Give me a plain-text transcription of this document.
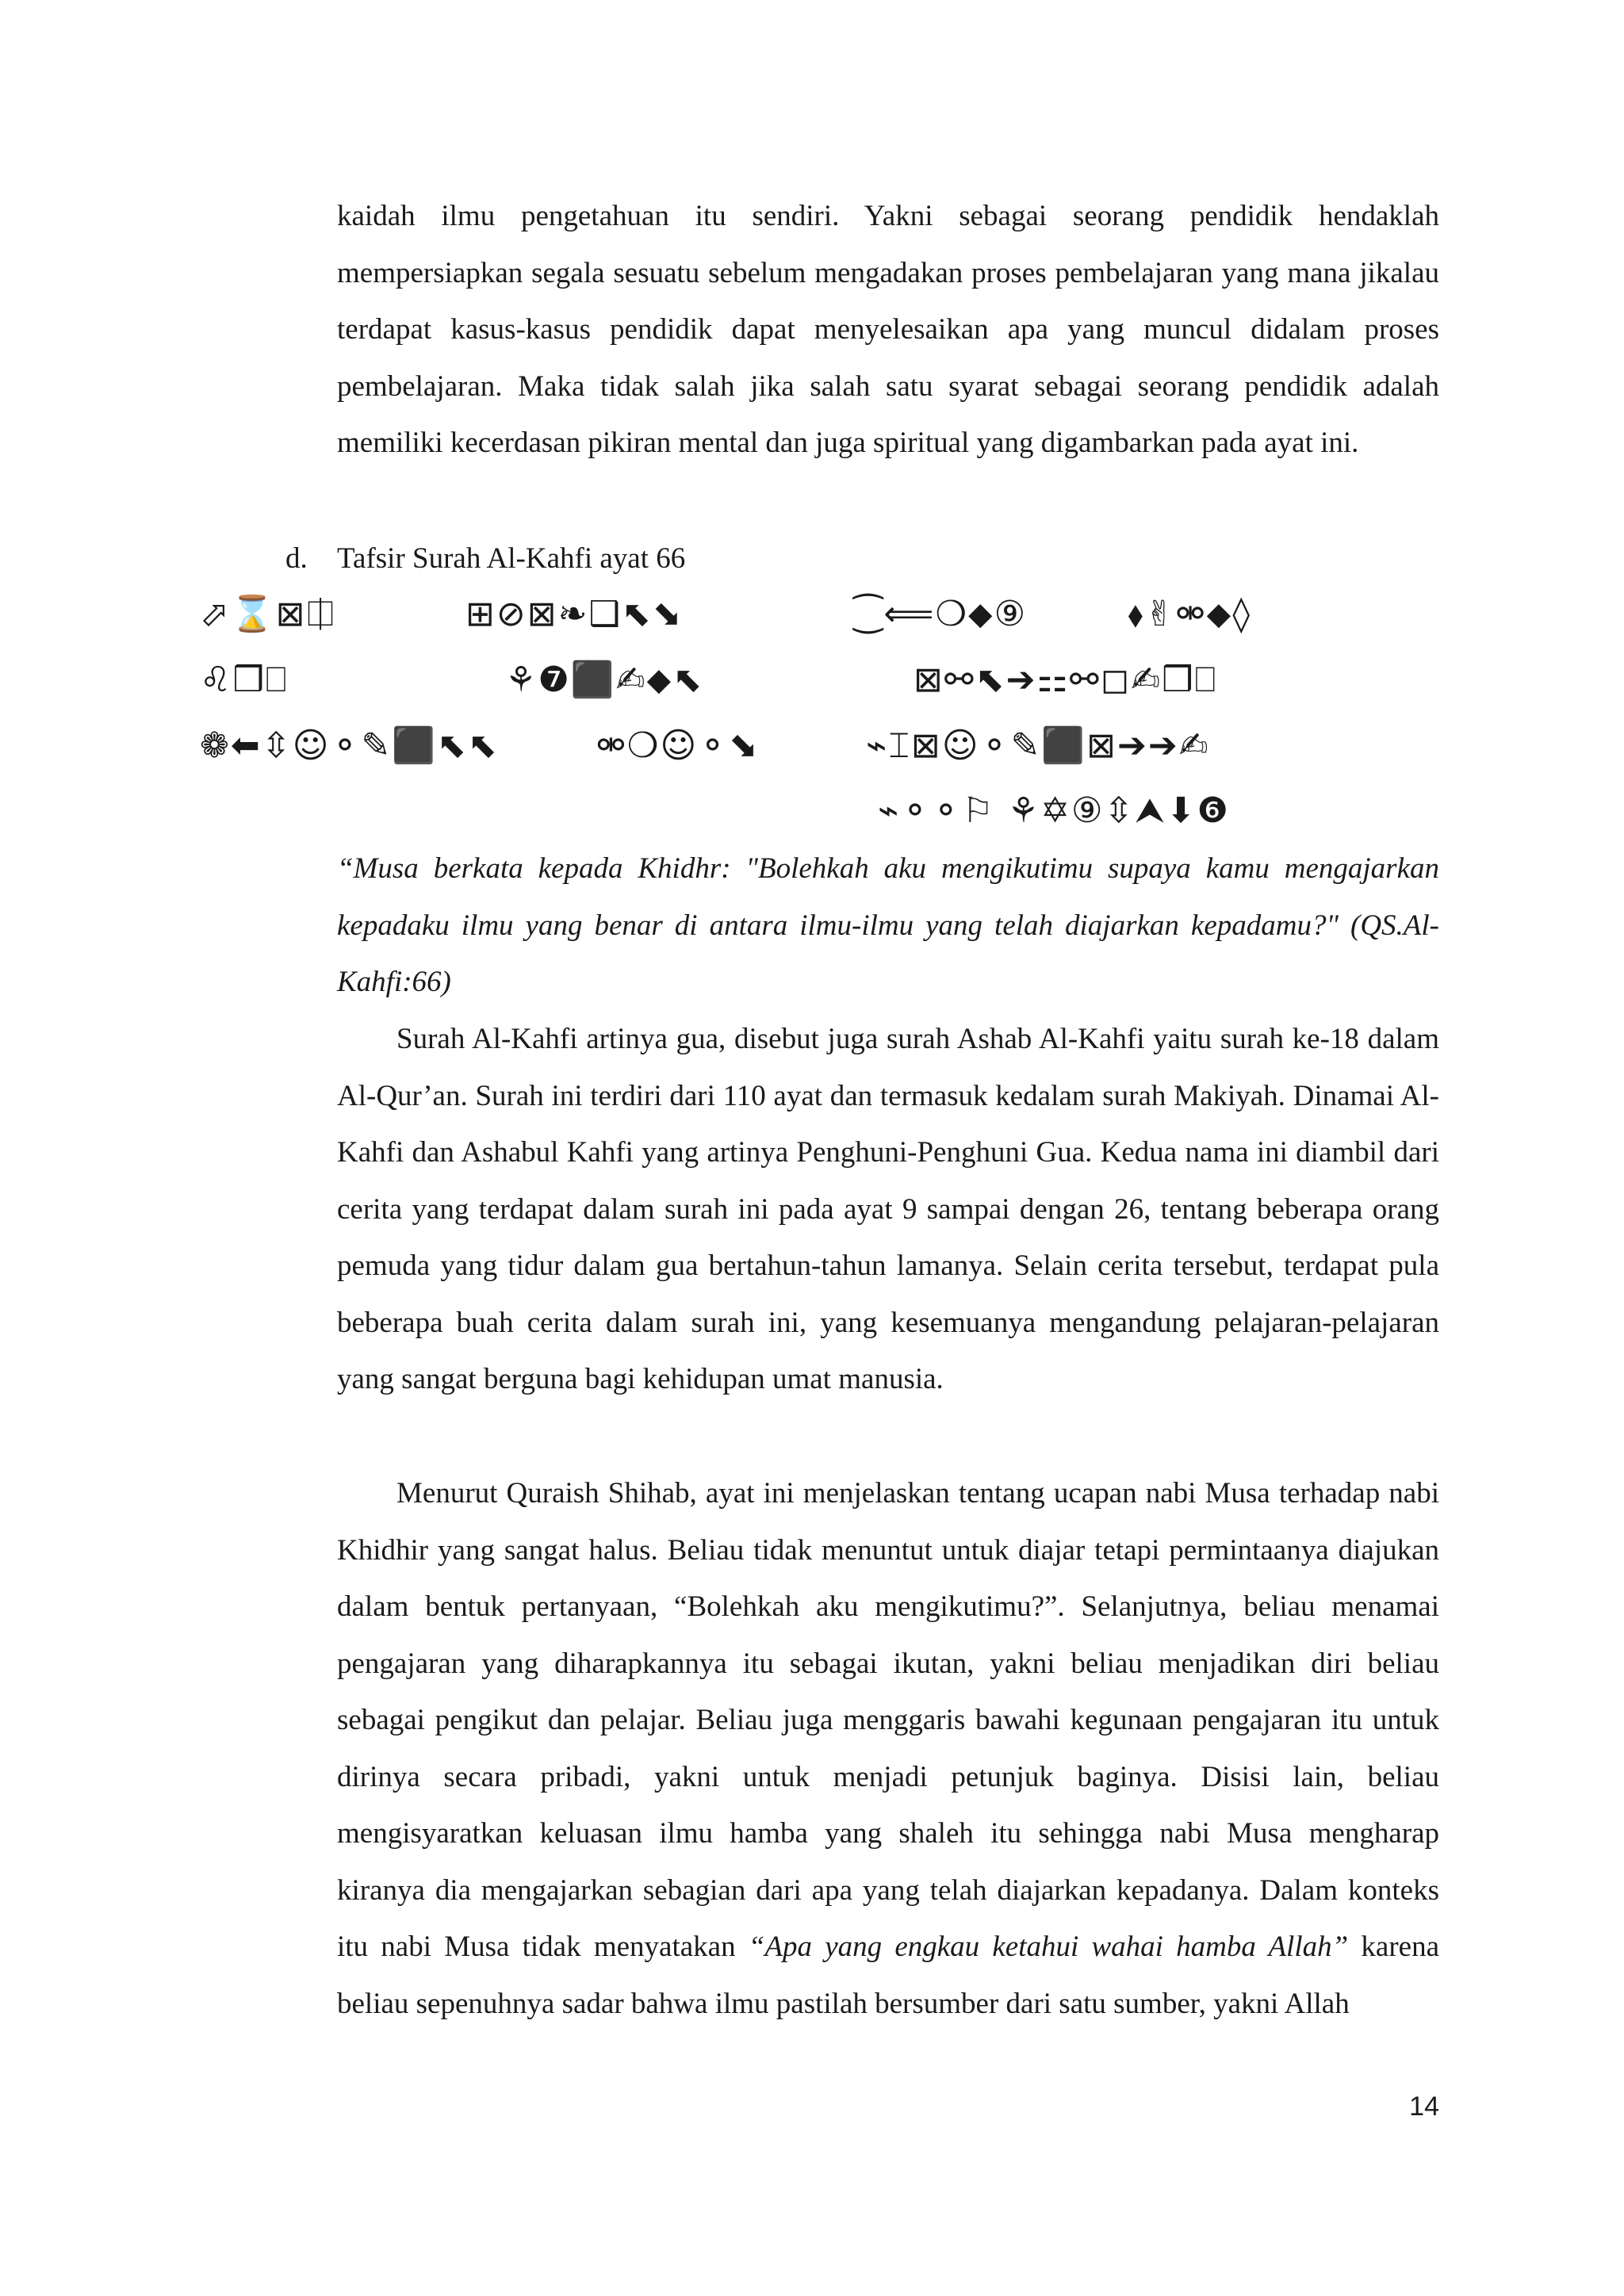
kaidah ilmu pengetahuan itu sendiri. Yakni sebagai seorang pendidik hendaklah mempersiapkan segala sesuatu sebelum mengadakan proses pembelajaran yang mana jikalau terdapat kasus-kasus pendidik dapat menyelesaikan apa yang muncul didalam proses pembelajaran. Maka tidak salah jika salah satu syarat sebagai seorang pendidik adalah memiliki kecerdasan pikiran mental dan juga spiritual yang digambarkan pada ayat ini.

d. Tafsir Surah Al-Kahfi ayat 66

⬀⌛⊠⎅	⊞⊘⊠❧❑⬉⬊	⁐⟸❍⬥⑨	⬧✌⚮⬥◊
♌❒⎕	⚘❼⬛✍⬥⬉	⊠⚯⬉➔⚏⚯◻✍❒⎕
❁⬅⇳☺⚬✎⬛⬉⬉	⚮❍☺⚬⬊	⌁⌶⊠☺⚬✎⬛⊠➔➔✍
⌁⚬⚬⚐ ⚘✡⑨⇳⮝⬇❻

“Musa berkata kepada Khidhr: "Bolehkah aku mengikutimu supaya kamu mengajarkan kepadaku ilmu yang benar di antara ilmu-ilmu yang telah diajarkan kepadamu?" (QS.Al-Kahfi:66)

Surah Al-Kahfi artinya gua, disebut juga surah Ashab Al-Kahfi yaitu surah ke-18 dalam Al-Qur’an. Surah ini terdiri dari 110 ayat dan termasuk kedalam surah Makiyah. Dinamai Al-Kahfi dan Ashabul Kahfi yang artinya Penghuni-Penghuni Gua. Kedua nama ini diambil dari cerita yang terdapat dalam surah ini pada ayat 9 sampai dengan 26, tentang beberapa orang pemuda yang tidur dalam gua bertahun-tahun lamanya. Selain cerita tersebut, terdapat pula beberapa buah cerita dalam surah ini, yang kesemuanya mengandung pelajaran-pelajaran yang sangat berguna bagi kehidupan umat manusia.

Menurut Quraish Shihab, ayat ini menjelaskan tentang ucapan nabi Musa terhadap nabi Khidhir yang sangat halus. Beliau tidak menuntut untuk diajar tetapi permintaanya diajukan dalam bentuk pertanyaan, “Bolehkah aku mengikutimu?”. Selanjutnya, beliau menamai pengajaran yang diharapkannya itu sebagai ikutan, yakni beliau menjadikan diri beliau sebagai pengikut dan pelajar. Beliau juga menggaris bawahi kegunaan pengajaran itu untuk dirinya secara pribadi, yakni untuk menjadi petunjuk baginya. Disisi lain, beliau mengisyaratkan keluasan ilmu hamba yang shaleh itu sehingga nabi Musa mengharap kiranya dia mengajarkan sebagian dari apa yang telah diajarkan kepadanya. Dalam konteks itu nabi Musa tidak menyatakan “Apa yang engkau ketahui wahai hamba Allah” karena beliau sepenuhnya sadar bahwa ilmu pastilah bersumber dari satu sumber, yakni Allah

14
